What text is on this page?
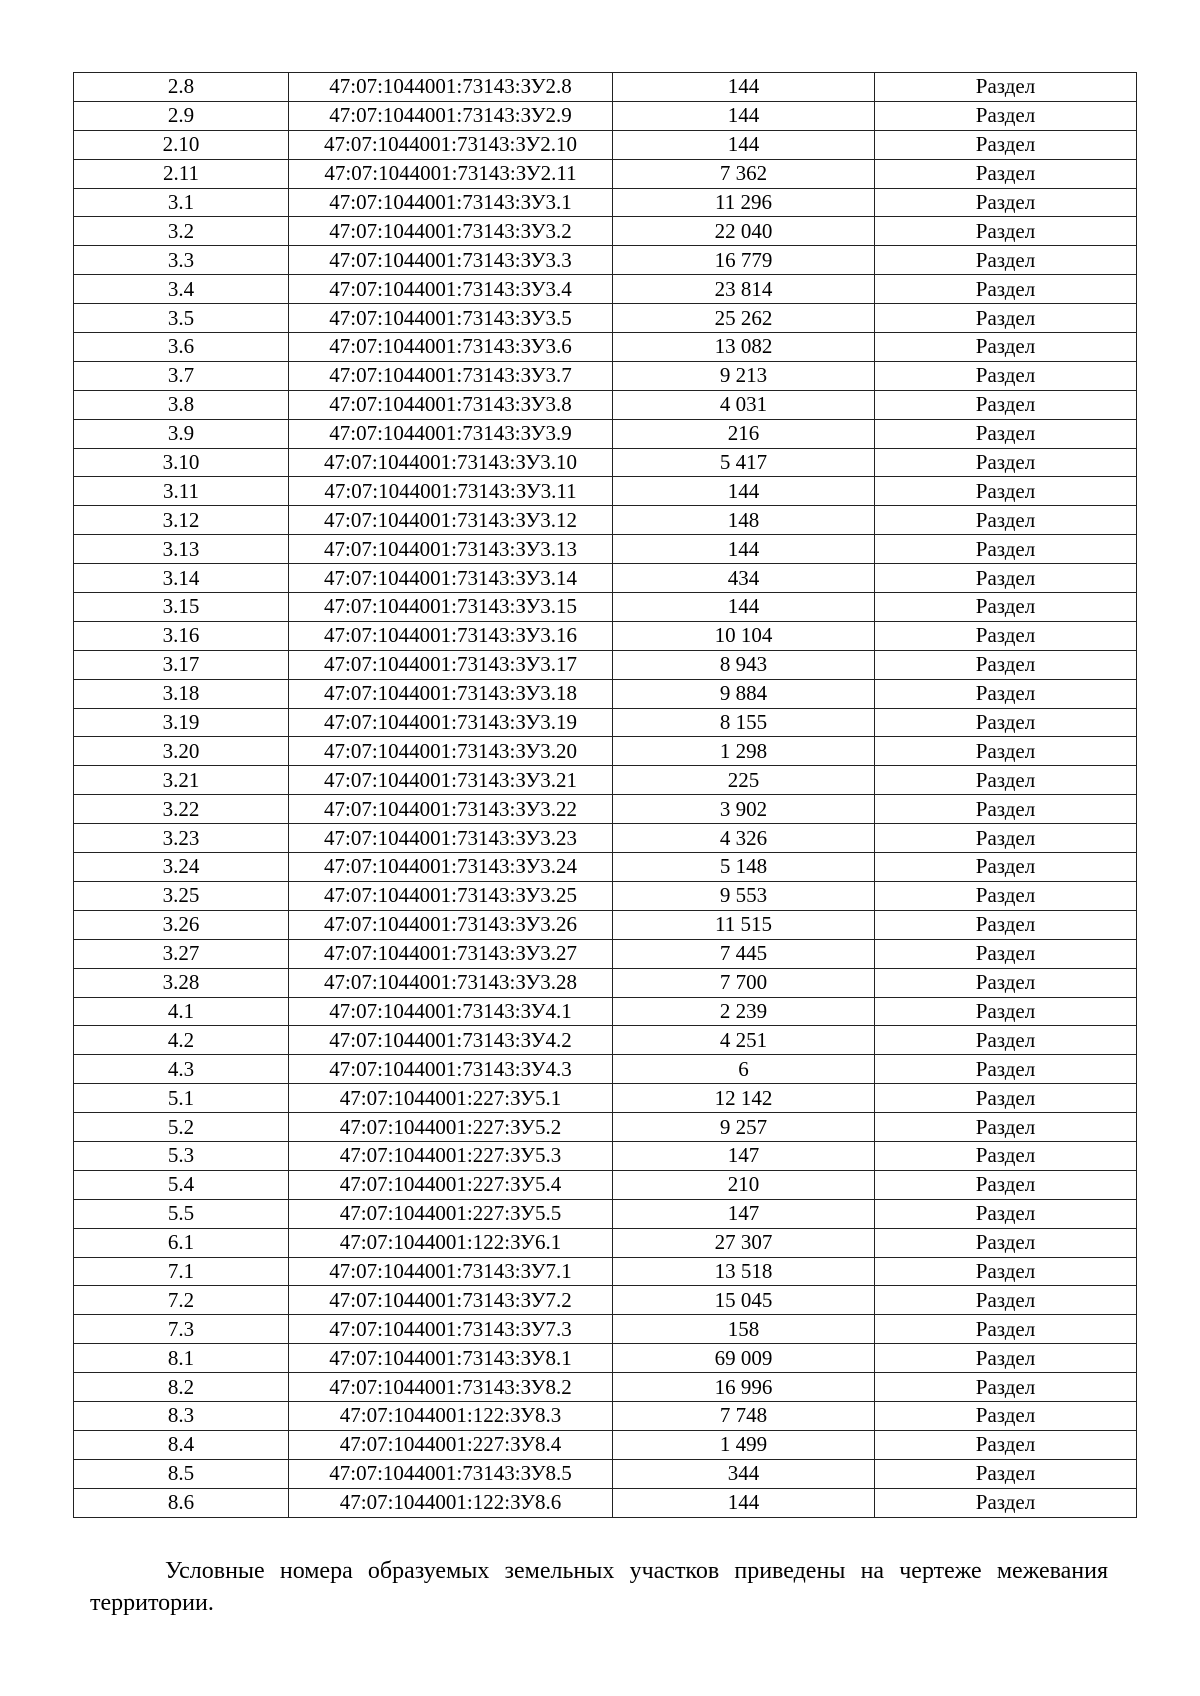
2.8	47:07:1044001:73143:ЗУ2.8	144	Раздел
2.9	47:07:1044001:73143:ЗУ2.9	144	Раздел
2.10	47:07:1044001:73143:ЗУ2.10	144	Раздел
2.11	47:07:1044001:73143:ЗУ2.11	7 362	Раздел
3.1	47:07:1044001:73143:ЗУ3.1	11 296	Раздел
3.2	47:07:1044001:73143:ЗУ3.2	22 040	Раздел
3.3	47:07:1044001:73143:ЗУ3.3	16 779	Раздел
3.4	47:07:1044001:73143:ЗУ3.4	23 814	Раздел
3.5	47:07:1044001:73143:ЗУ3.5	25 262	Раздел
3.6	47:07:1044001:73143:ЗУ3.6	13 082	Раздел
3.7	47:07:1044001:73143:ЗУ3.7	9 213	Раздел
3.8	47:07:1044001:73143:ЗУ3.8	4 031	Раздел
3.9	47:07:1044001:73143:ЗУ3.9	216	Раздел
3.10	47:07:1044001:73143:ЗУ3.10	5 417	Раздел
3.11	47:07:1044001:73143:ЗУ3.11	144	Раздел
3.12	47:07:1044001:73143:ЗУ3.12	148	Раздел
3.13	47:07:1044001:73143:ЗУ3.13	144	Раздел
3.14	47:07:1044001:73143:ЗУ3.14	434	Раздел
3.15	47:07:1044001:73143:ЗУ3.15	144	Раздел
3.16	47:07:1044001:73143:ЗУ3.16	10 104	Раздел
3.17	47:07:1044001:73143:ЗУ3.17	8 943	Раздел
3.18	47:07:1044001:73143:ЗУ3.18	9 884	Раздел
3.19	47:07:1044001:73143:ЗУ3.19	8 155	Раздел
3.20	47:07:1044001:73143:ЗУ3.20	1 298	Раздел
3.21	47:07:1044001:73143:ЗУ3.21	225	Раздел
3.22	47:07:1044001:73143:ЗУ3.22	3 902	Раздел
3.23	47:07:1044001:73143:ЗУ3.23	4 326	Раздел
3.24	47:07:1044001:73143:ЗУ3.24	5 148	Раздел
3.25	47:07:1044001:73143:ЗУ3.25	9 553	Раздел
3.26	47:07:1044001:73143:ЗУ3.26	11 515	Раздел
3.27	47:07:1044001:73143:ЗУ3.27	7 445	Раздел
3.28	47:07:1044001:73143:ЗУ3.28	7 700	Раздел
4.1	47:07:1044001:73143:ЗУ4.1	2 239	Раздел
4.2	47:07:1044001:73143:ЗУ4.2	4 251	Раздел
4.3	47:07:1044001:73143:ЗУ4.3	6	Раздел
5.1	47:07:1044001:227:ЗУ5.1	12 142	Раздел
5.2	47:07:1044001:227:ЗУ5.2	9 257	Раздел
5.3	47:07:1044001:227:ЗУ5.3	147	Раздел
5.4	47:07:1044001:227:ЗУ5.4	210	Раздел
5.5	47:07:1044001:227:ЗУ5.5	147	Раздел
6.1	47:07:1044001:122:ЗУ6.1	27 307	Раздел
7.1	47:07:1044001:73143:ЗУ7.1	13 518	Раздел
7.2	47:07:1044001:73143:ЗУ7.2	15 045	Раздел
7.3	47:07:1044001:73143:ЗУ7.3	158	Раздел
8.1	47:07:1044001:73143:ЗУ8.1	69 009	Раздел
8.2	47:07:1044001:73143:ЗУ8.2	16 996	Раздел
8.3	47:07:1044001:122:ЗУ8.3	7 748	Раздел
8.4	47:07:1044001:227:ЗУ8.4	1 499	Раздел
8.5	47:07:1044001:73143:ЗУ8.5	344	Раздел
8.6	47:07:1044001:122:ЗУ8.6	144	Раздел

Условные номера образуемых земельных участков приведены на чертеже межевания территории.
